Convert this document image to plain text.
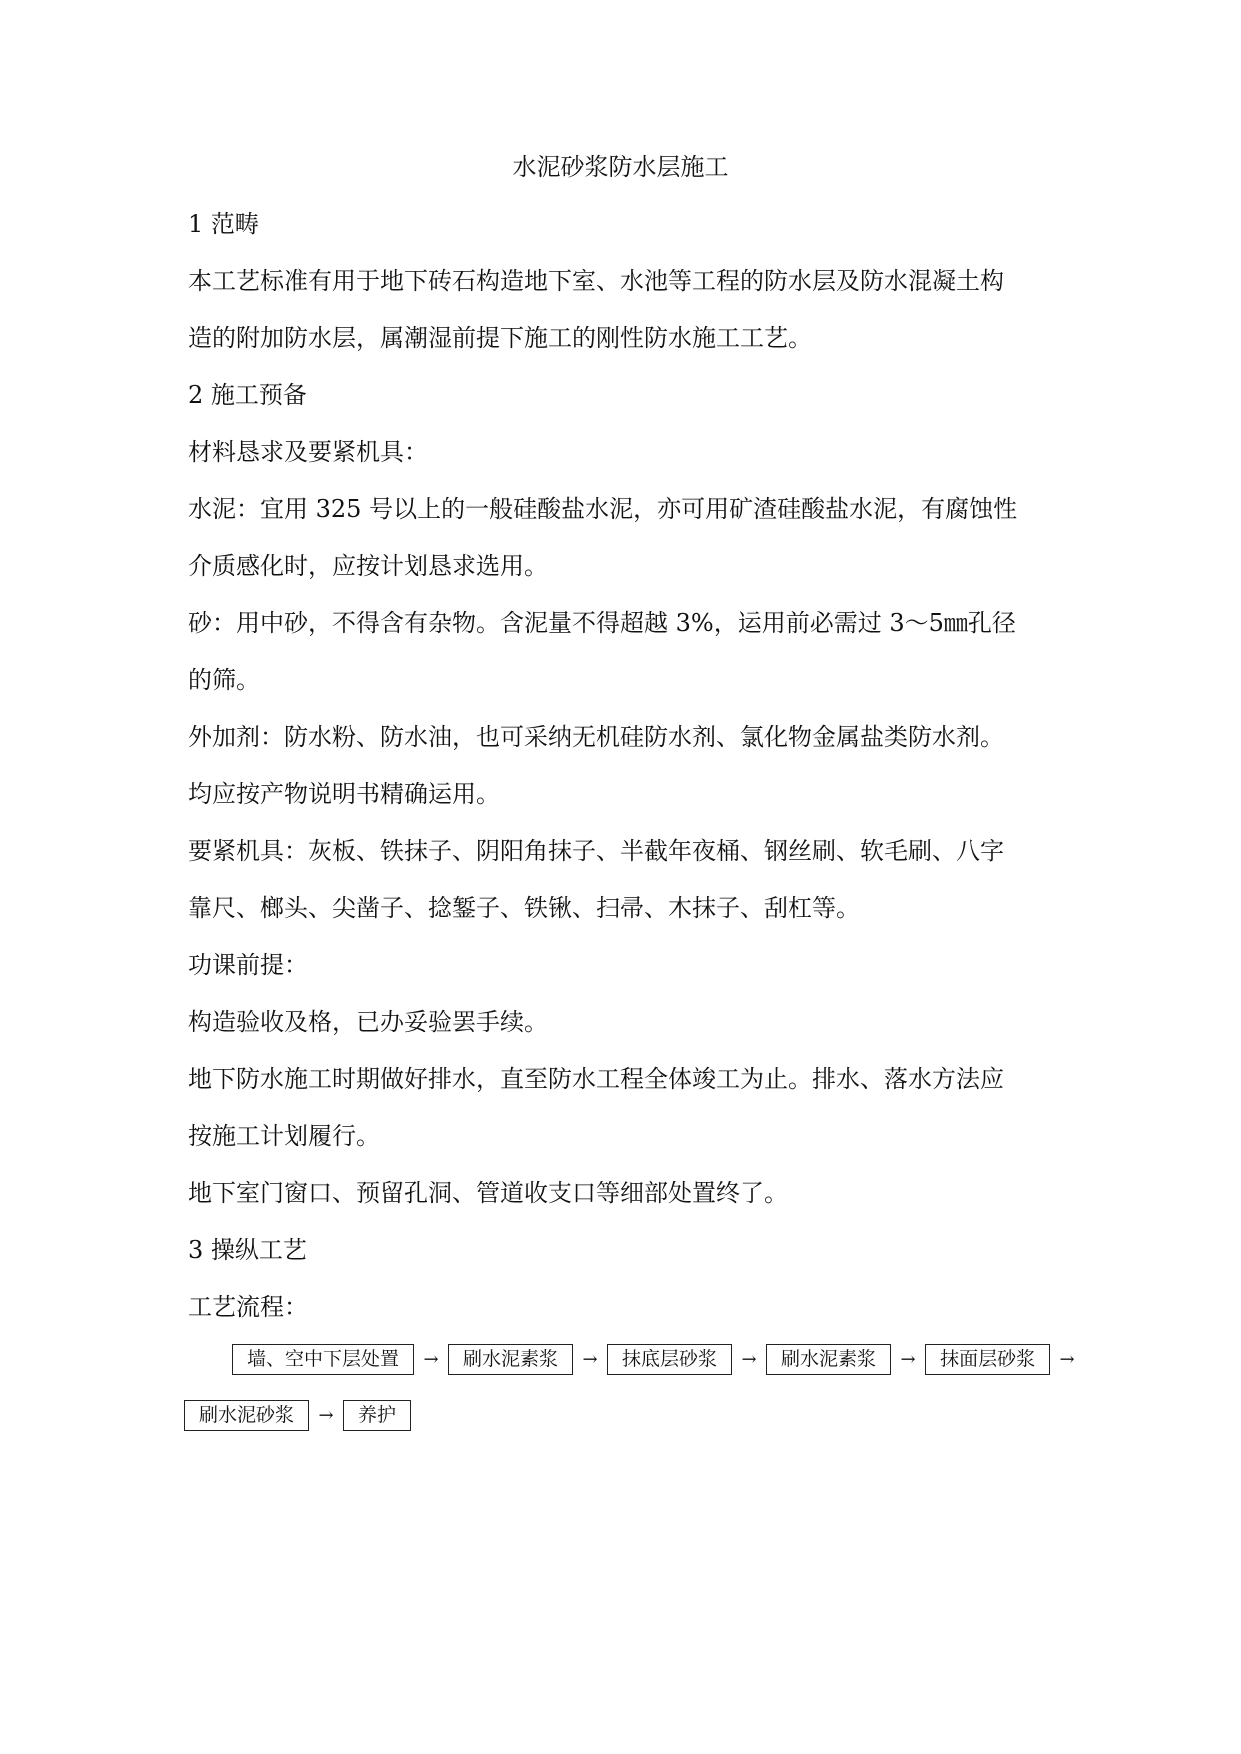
水泥砂浆防水层施工
1 范畴
本工艺标准有用于地下砖石构造地下室、水池等工程的防水层及防水混凝土构
造的附加防水层，属潮湿前提下施工的刚性防水施工工艺。
2 施工预备
材料恳求及要紧机具：
水泥：宜用 325 号以上的一般硅酸盐水泥，亦可用矿渣硅酸盐水泥，有腐蚀性
介质感化时，应按计划恳求选用。
砂：用中砂，不得含有杂物。含泥量不得超越 3%，运用前必需过 3～5㎜孔径
的筛。
外加剂：防水粉、防水油，也可采纳无机硅防水剂、氯化物金属盐类防水剂。
均应按产物说明书精确运用。
要紧机具：灰板、铁抹子、阴阳角抹子、半截年夜桶、钢丝刷、软毛刷、八字
靠尺、榔头、尖凿子、捻錾子、铁锹、扫帚、木抹子、刮杠等。
功课前提：
构造验收及格，已办妥验罢手续。
地下防水施工时期做好排水，直至防水工程全体竣工为止。排水、落水方法应
按施工计划履行。
地下室门窗口、预留孔洞、管道收支口等细部处置终了。
3 操纵工艺
工艺流程：
墙、空中下层处置	→	刷水泥素浆	→	抹底层砂浆	→	刷水泥素浆	→	抹面层砂浆	→
刷水泥砂浆	→	养护
